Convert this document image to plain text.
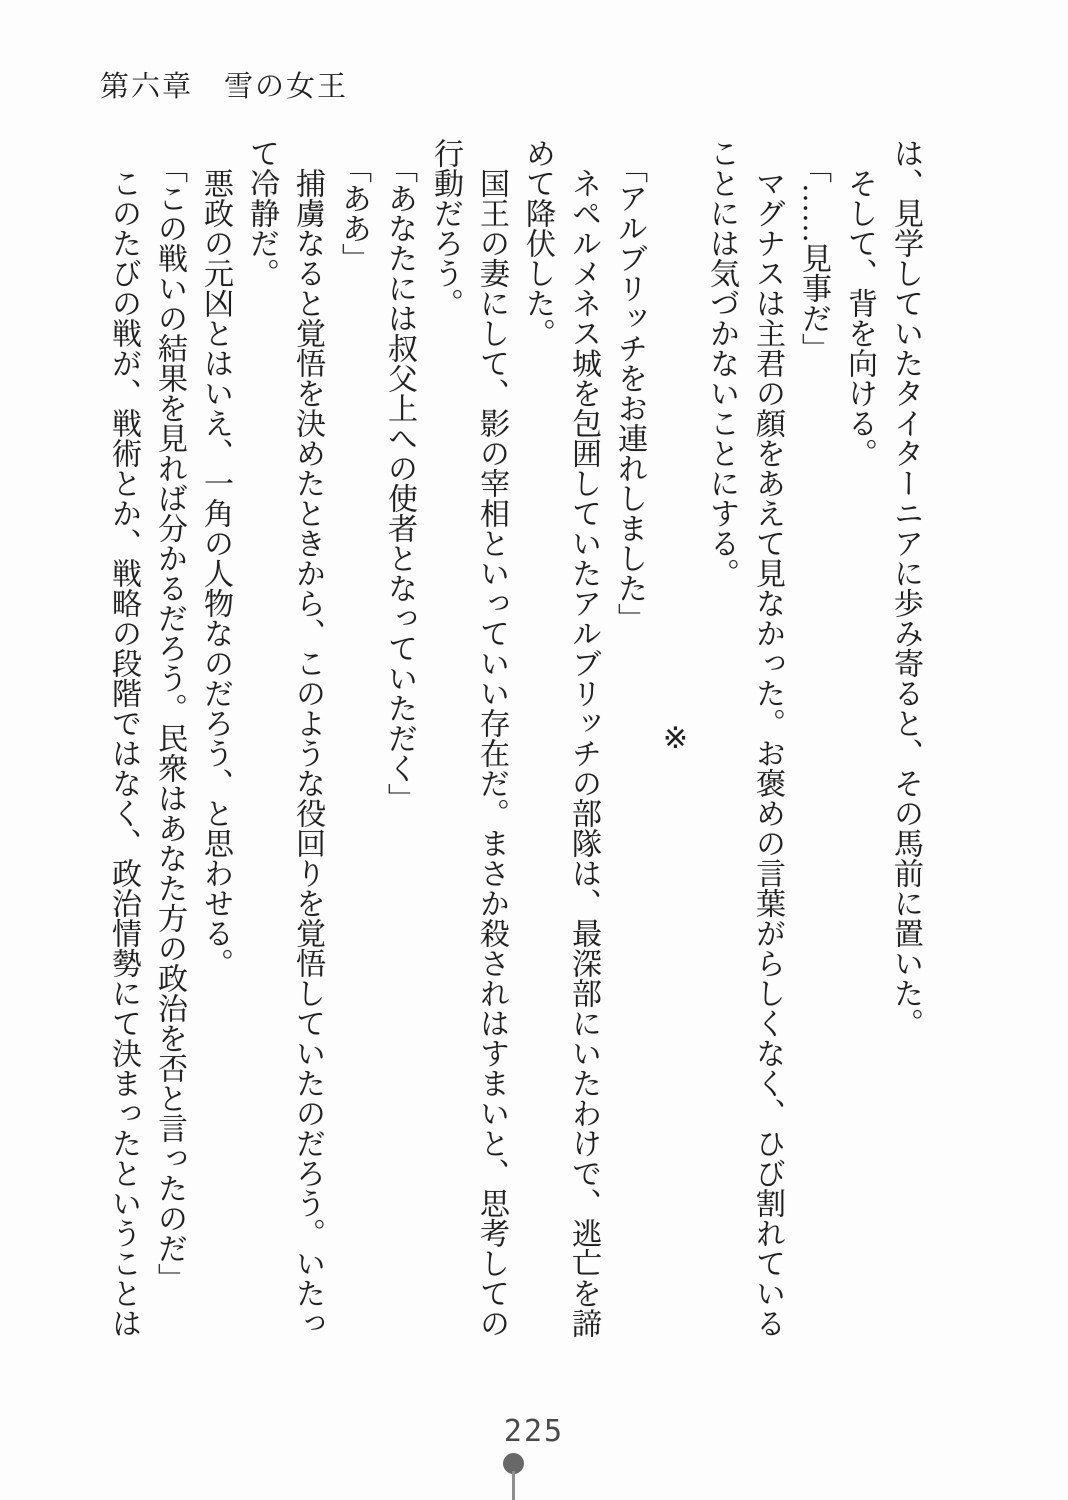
第六章　雪の女王

は、見学していたタイターニアに歩み寄ると、その馬前に置いた。

そして、背を向ける。

「……見事だ」

マグナスは主君の顔をあえて見なかった。お褒めの言葉がらしくなく、ひび割れていることには気づかないことにする。

※

「アルブリッチをお連れしました」

ネペルメネス城を包囲していたアルブリッチの部隊は、最深部にいたわけで、逃亡を諦めて降伏した。

国王の妻にして、影の宰相といっていい存在だ。まさか殺されはすまいと、思考しての行動だろう。

「あなたには叔父上への使者となっていただく」

「ああ」

捕虜なると覚悟を決めたときから、このような役回りを覚悟していたのだろう。いたって冷静だ。

悪政の元凶とはいえ、一角の人物なのだろう、と思わせる。

「この戦いの結果を見れば分かるだろう。民衆はあなた方の政治を否と言ったのだ」

このたびの戦が、戦術とか、戦略の段階ではなく、政治情勢にて決まったということは

225
